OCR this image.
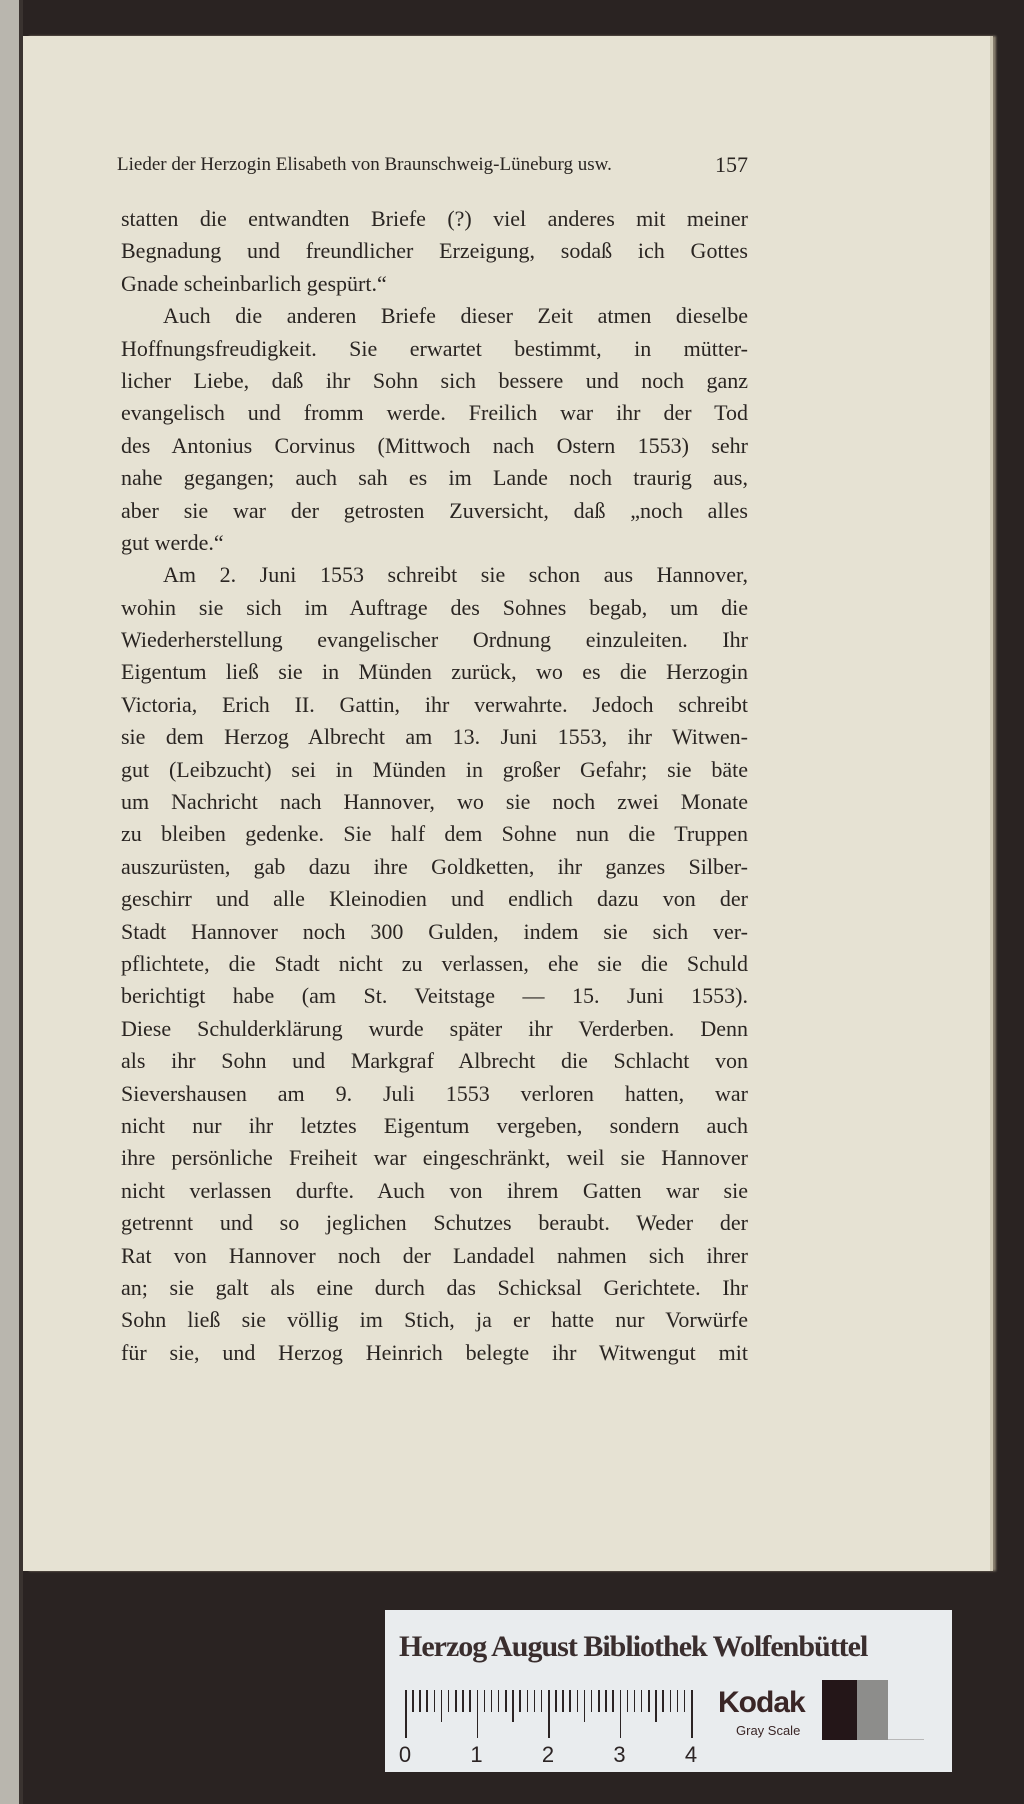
Lieder der Herzogin Elisabeth von Braunschweig-Lüneburg usw.	157
statten die entwandten Briefe (?) viel anderes mit meiner
Begnadung und freundlicher Erzeigung, sodaß ich Gottes
Gnade scheinbarlich gespürt.“
Auch die anderen Briefe dieser Zeit atmen dieselbe
Hoffnungsfreudigkeit. Sie erwartet bestimmt, in mütter-
licher Liebe, daß ihr Sohn sich bessere und noch ganz
evangelisch und fromm werde. Freilich war ihr der Tod
des Antonius Corvinus (Mittwoch nach Ostern 1553) sehr
nahe gegangen; auch sah es im Lande noch traurig aus,
aber sie war der getrosten Zuversicht, daß „noch alles
gut werde.“
Am 2. Juni 1553 schreibt sie schon aus Hannover,
wohin sie sich im Auftrage des Sohnes begab, um die
Wiederherstellung evangelischer Ordnung einzuleiten. Ihr
Eigentum ließ sie in Münden zurück, wo es die Herzogin
Victoria, Erich II. Gattin, ihr verwahrte. Jedoch schreibt
sie dem Herzog Albrecht am 13. Juni 1553, ihr Witwen-
gut (Leibzucht) sei in Münden in großer Gefahr; sie bäte
um Nachricht nach Hannover, wo sie noch zwei Monate
zu bleiben gedenke. Sie half dem Sohne nun die Truppen
auszurüsten, gab dazu ihre Goldketten, ihr ganzes Silber-
geschirr und alle Kleinodien und endlich dazu von der
Stadt Hannover noch 300 Gulden, indem sie sich ver-
pflichtete, die Stadt nicht zu verlassen, ehe sie die Schuld
berichtigt habe (am St. Veitstage — 15. Juni 1553).
Diese Schulderklärung wurde später ihr Verderben. Denn
als ihr Sohn und Markgraf Albrecht die Schlacht von
Sievershausen am 9. Juli 1553 verloren hatten, war
nicht nur ihr letztes Eigentum vergeben, sondern auch
ihre persönliche Freiheit war eingeschränkt, weil sie Hannover
nicht verlassen durfte. Auch von ihrem Gatten war sie
getrennt und so jeglichen Schutzes beraubt. Weder der
Rat von Hannover noch der Landadel nahmen sich ihrer
an; sie galt als eine durch das Schicksal Gerichtete. Ihr
Sohn ließ sie völlig im Stich, ja er hatte nur Vorwürfe
für sie, und Herzog Heinrich belegte ihr Witwengut mit
Herzog August Bibliothek Wolfenbüttel
0	1	2	3	4
Kodak
Gray Scale
